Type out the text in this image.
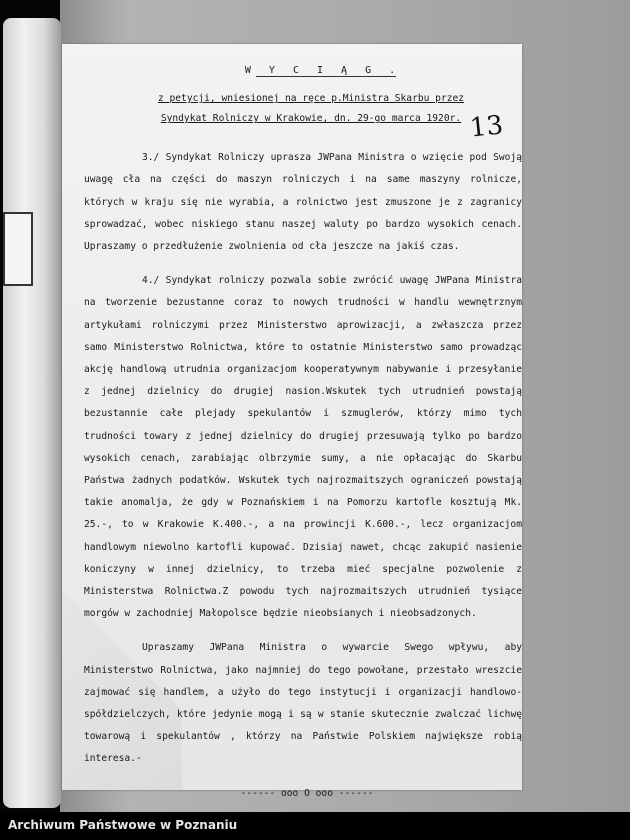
W Y C I Ą G .
z petycji, wniesionej na ręce p.Ministra Skarbu przez
Syndykat Rolniczy w Krakowie, dn. 29-go marca 1920r.
3./ Syndykat Rolniczy upraszа JWPana Ministra o wzięcie pod Swoją uwagę cła na części do maszyn rolniczych i na same maszyny rolnicze, których w kraju się nie wyrabia, a rolnictwo jest zmuszone je z zagranicy sprowadzać, wobec niskiego stanu naszej waluty po bardzo wysokich cenach. Upraszamy o przedłużenie zwolnienia od cła jeszcze na jakiś czas.
4./ Syndykat rolniczy pozwala sobie zwrócić uwagę JWPana Ministra na tworzenie bezustanne coraz to nowych trudności w handlu wewnętrznym artykułami rolniczymi przez Ministerstwo aprowizacji, a zwłaszcza przez samo Ministerstwo Rolnictwa, które to ostatnie Ministerstwo samo prowadząc akcję handlową utrudnia organizacjom kooperatywnym nabywanie i przesyłanie z jednej dzielnicy do drugiej nasion.Wskutek tych utrudnień powstają bezustannie całe plejady spekulantów i szmuglerów, którzy mimo tych trudności towary z jednej dzielnicy do drugiej przesuwają tylko po bardzo wysokich cenach, zarabiając olbrzymie sumy, a nie opłacając do Skarbu Państwa żadnych podatków. Wskutek tych najrozmaitszych ograniczeń powstają takie anomalja, że gdy w Poznańskiem i na Pomorzu kartofle kosztują Mk. 25.-, to w Krakowie K.400.-, a na prowincji K.600.-, lecz organizacjom handlowym niewolno kartofli kupować. Dzisiaj nawet, chcąc zakupić nasienie koniczyny w innej dzielnicy, to trzeba mieć specjalne pozwolenie z Ministerstwa Rolnictwa.Z powodu tych najrozmaitszych utrudnień tysiące morgów w zachodniej Małopolsce będzie nieobsianych i nieobsadzonych.
Upraszamy JWPana Ministra o wywarcie Swego wpływu, aby Ministerstwo Rolnictwa, jako najmniej do tego powołane, przestało wreszcie zajmować się handlem, a użyło do tego instytucji i organizacji handlowo-spółdzielczych, które jedynie mogą i są w stanie skutecznie zwalczać lichwę towarową i spekulantów , którzy na Państwie Polskiem największe robią interesa.-
------ ooo O ooo ------
13
Archiwum Państwowe w Poznaniu
